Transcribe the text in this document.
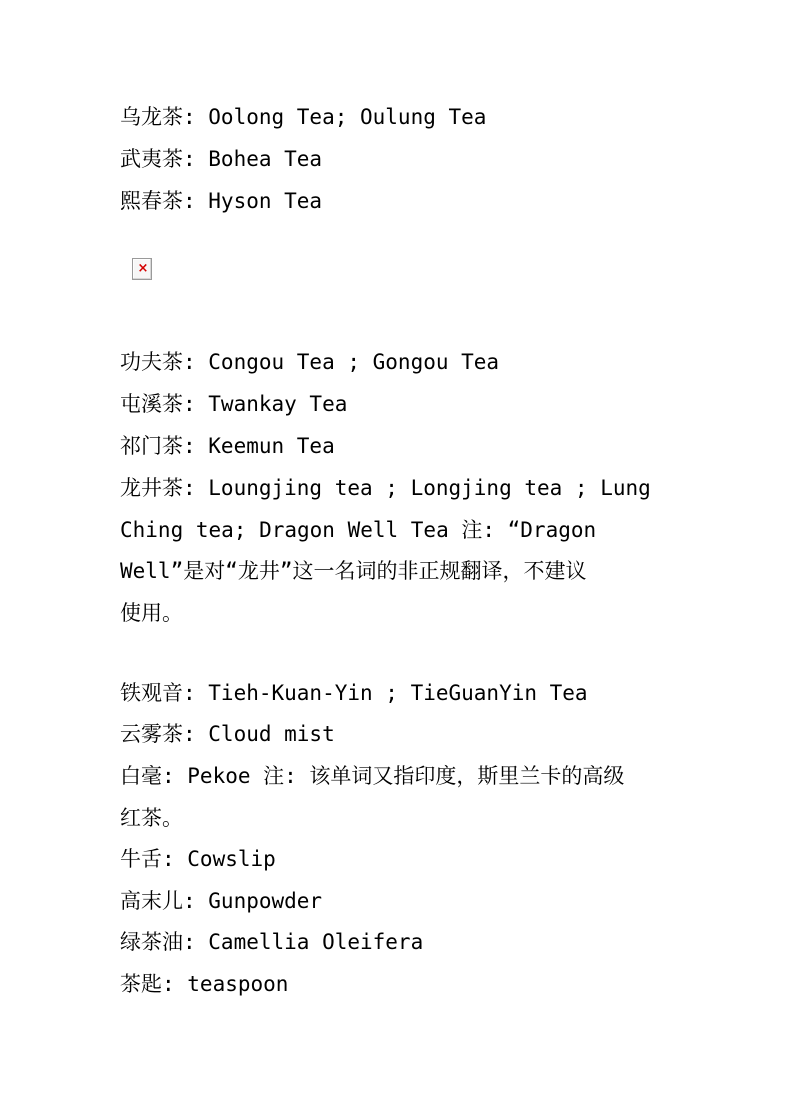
乌龙茶: Oolong Tea; Oulung Tea
武夷茶: Bohea Tea
熙春茶: Hyson Tea
×
功夫茶: Congou Tea ; Gongou Tea
屯溪茶: Twankay Tea
祁门茶: Keemun Tea
龙井茶: Loungjing tea ; Longjing tea ; Lung
Ching tea; Dragon Well Tea 注: “Dragon
Well”是对“龙井”这一名词的非正规翻译，不建议
使用。
铁观音: Tieh-Kuan-Yin ; TieGuanYin Tea
云雾茶: Cloud mist
白毫: Pekoe 注: 该单词又指印度，斯里兰卡的高级
红茶。
牛舌: Cowslip
高末儿: Gunpowder
绿茶油: Camellia Oleifera
茶匙: teaspoon
